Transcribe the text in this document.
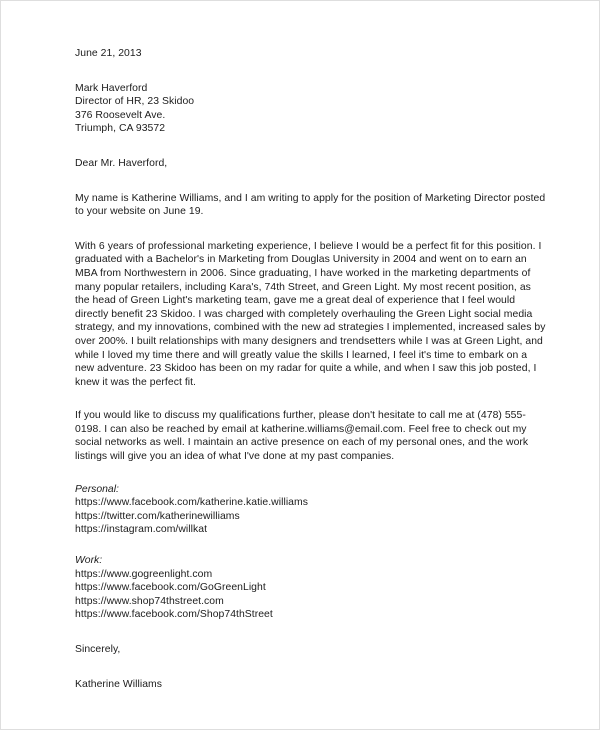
June 21, 2013

Mark Haverford

Director of HR, 23 Skidoo

376 Roosevelt Ave.

Triumph, CA 93572

Dear Mr. Haverford,

My name is Katherine Williams, and I am writing to apply for the position of Marketing Director posted to your website on June 19.

With 6 years of professional marketing experience, I believe I would be a perfect fit for this position. I graduated with a Bachelor's in Marketing from Douglas University in 2004 and went on to earn an MBA from Northwestern in 2006. Since graduating, I have worked in the marketing departments of many popular retailers, including Kara's, 74th Street, and Green Light. My most recent position, as the head of Green Light's marketing team, gave me a great deal of experience that I feel would directly benefit 23 Skidoo. I was charged with completely overhauling the Green Light social media strategy, and my innovations, combined with the new ad strategies I implemented, increased sales by over 200%. I built relationships with many designers and trendsetters while I was at Green Light, and while I loved my time there and will greatly value the skills I learned, I feel it's time to embark on a new adventure. 23 Skidoo has been on my radar for quite a while, and when I saw this job posted, I knew it was the perfect fit.

If you would like to discuss my qualifications further, please don't hesitate to call me at (478) 555-0198. I can also be reached by email at katherine.williams@email.com. Feel free to check out my social networks as well. I maintain an active presence on each of my personal ones, and the work listings will give you an idea of what I've done at my past companies.

Personal:

https://www.facebook.com/katherine.katie.williams

https://twitter.com/katherinewilliams

https://instagram.com/willkat

Work:

https://www.gogreenlight.com

https://www.facebook.com/GoGreenLight

https://www.shop74thstreet.com

https://www.facebook.com/Shop74thStreet

Sincerely,

Katherine Williams
